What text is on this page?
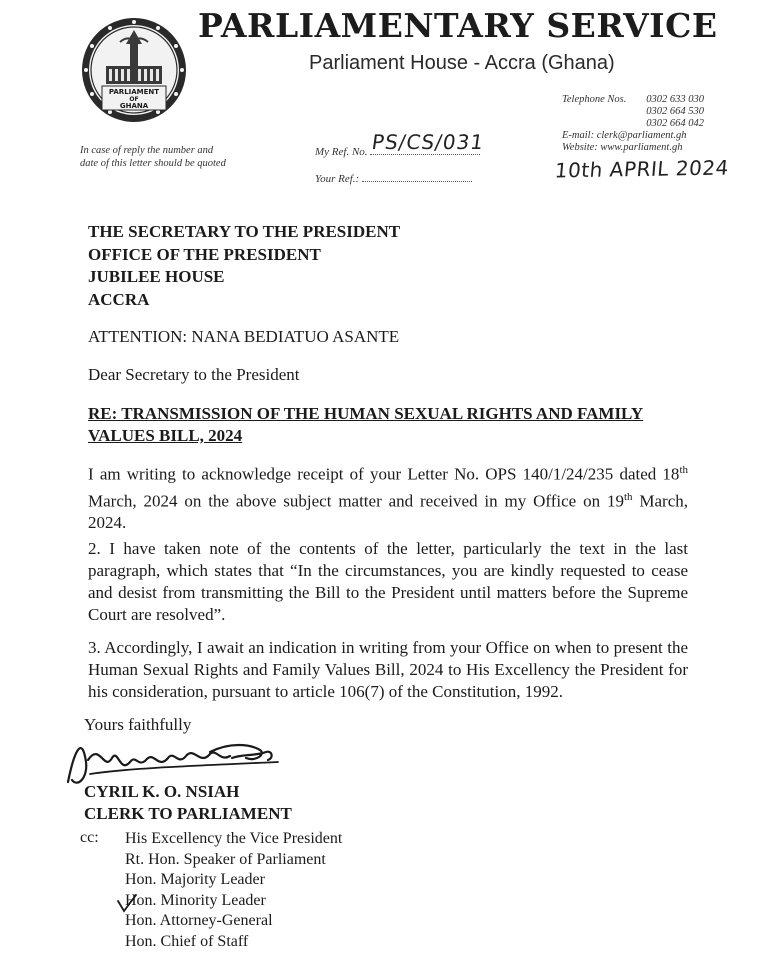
PARLIAMENT
OF
GHANA
PARLIAMENTARY SERVICE
Parliament House - Accra (Ghana)
Telephone Nos. 0302 633 030
0302 664 530
0302 664 042
E-mail: clerk@parliament.gh
Website: www.parliament.gh
In case of reply the number and date of this letter should be quoted
My Ref. No. PS/CS/031
Your Ref.:	10th APRIL 2024
THE SECRETARY TO THE PRESIDENT
OFFICE OF THE PRESIDENT
JUBILEE HOUSE
ACCRA
ATTENTION: NANA BEDIATUO ASANTE
Dear Secretary to the President
RE: TRANSMISSION OF THE HUMAN SEXUAL RIGHTS AND FAMILY VALUES BILL, 2024
I am writing to acknowledge receipt of your Letter No. OPS 140/1/24/235 dated 18th March, 2024 on the above subject matter and received in my Office on 19th March, 2024.
2. I have taken note of the contents of the letter, particularly the text in the last paragraph, which states that “In the circumstances, you are kindly requested to cease and desist from transmitting the Bill to the President until matters before the Supreme Court are resolved”.
3. Accordingly, I await an indication in writing from your Office on when to present the Human Sexual Rights and Family Values Bill, 2024 to His Excellency the President for his consideration, pursuant to article 106(7) of the Constitution, 1992.
Yours faithfully
CYRIL K. O. NSIAH
CLERK TO PARLIAMENT
cc: His Excellency the Vice President
Rt. Hon. Speaker of Parliament
Hon. Majority Leader
Hon. Minority Leader
Hon. Attorney-General
Hon. Chief of Staff
